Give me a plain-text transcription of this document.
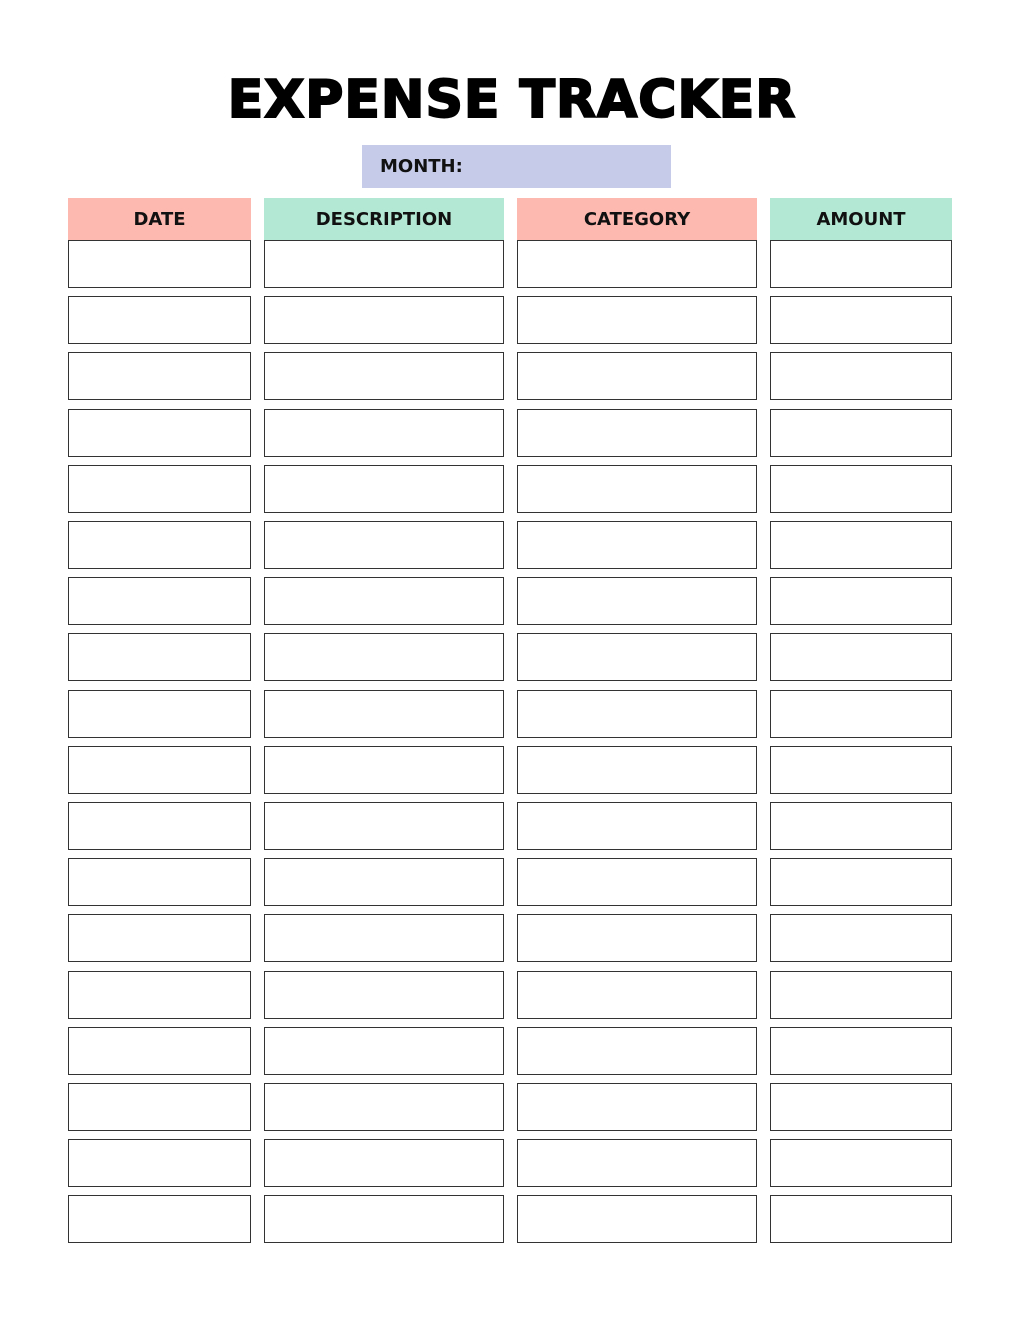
EXPENSE TRACKER
MONTH:
DATE	DESCRIPTION	CATEGORY	AMOUNT
